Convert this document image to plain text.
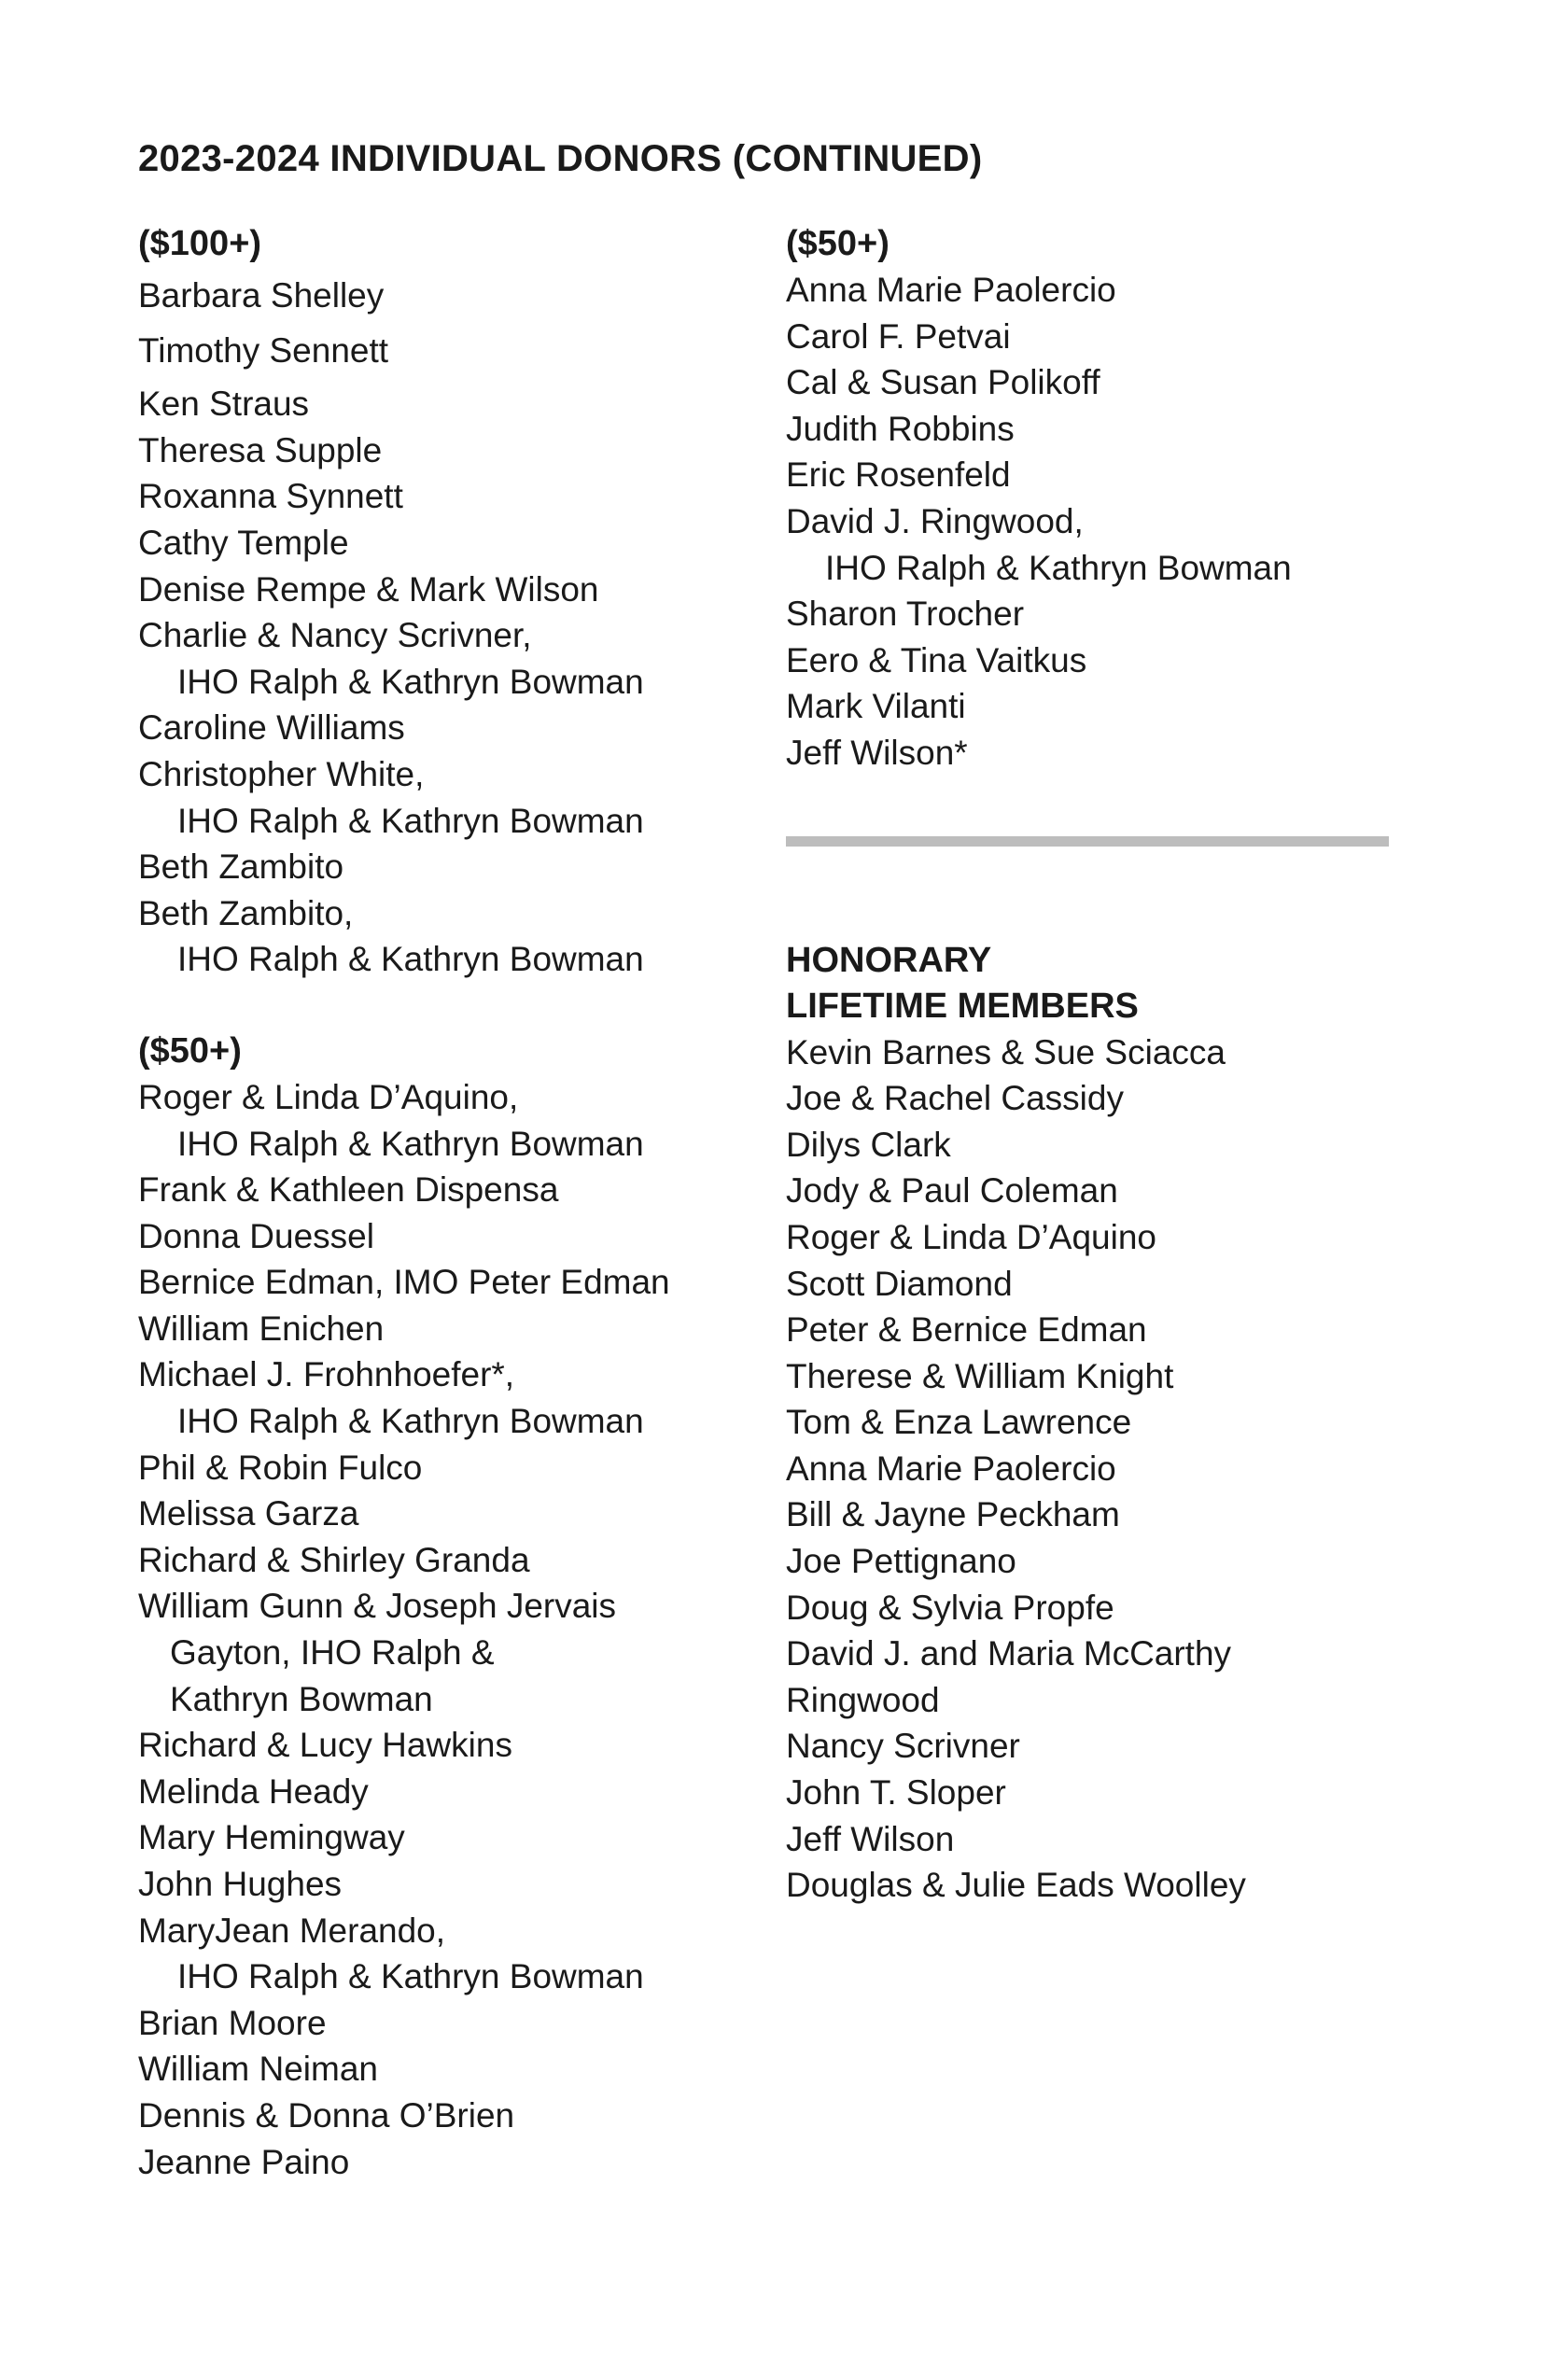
2023-2024 INDIVIDUAL DONORS (CONTINUED)
($100+)
Barbara Shelley
Timothy Sennett
Ken Straus
Theresa Supple
Roxanna Synnett
Cathy Temple
Denise Rempe & Mark Wilson
Charlie & Nancy Scrivner,
IHO Ralph & Kathryn Bowman
Caroline Williams
Christopher White,
IHO Ralph & Kathryn Bowman
Beth Zambito
Beth Zambito,
IHO Ralph & Kathryn Bowman
($50+)
Roger & Linda D’Aquino,
IHO Ralph & Kathryn Bowman
Frank & Kathleen Dispensa
Donna Duessel
Bernice Edman, IMO Peter Edman
William Enichen
Michael J. Frohnhoefer*,
IHO Ralph & Kathryn Bowman
Phil & Robin Fulco
Melissa Garza
Richard & Shirley Granda
William Gunn & Joseph Jervais
Gayton, IHO Ralph &
Kathryn Bowman
Richard & Lucy Hawkins
Melinda Heady
Mary Hemingway
John Hughes
MaryJean Merando,
IHO Ralph & Kathryn Bowman
Brian Moore
William Neiman
Dennis & Donna O’Brien
Jeanne Paino
($50+)
Anna Marie Paolercio
Carol F. Petvai
Cal & Susan Polikoff
Judith Robbins
Eric Rosenfeld
David J. Ringwood,
IHO Ralph & Kathryn Bowman
Sharon Trocher
Eero & Tina Vaitkus
Mark Vilanti
Jeff Wilson*
HONORARY
LIFETIME MEMBERS
Kevin Barnes & Sue Sciacca
Joe & Rachel Cassidy
Dilys Clark
Jody & Paul Coleman
Roger & Linda D’Aquino
Scott Diamond
Peter & Bernice Edman
Therese & William Knight
Tom & Enza Lawrence
Anna Marie Paolercio
Bill & Jayne Peckham
Joe Pettignano
Doug & Sylvia Propfe
David J. and Maria McCarthy
Ringwood
Nancy Scrivner
John T. Sloper
Jeff Wilson
Douglas & Julie Eads Woolley
